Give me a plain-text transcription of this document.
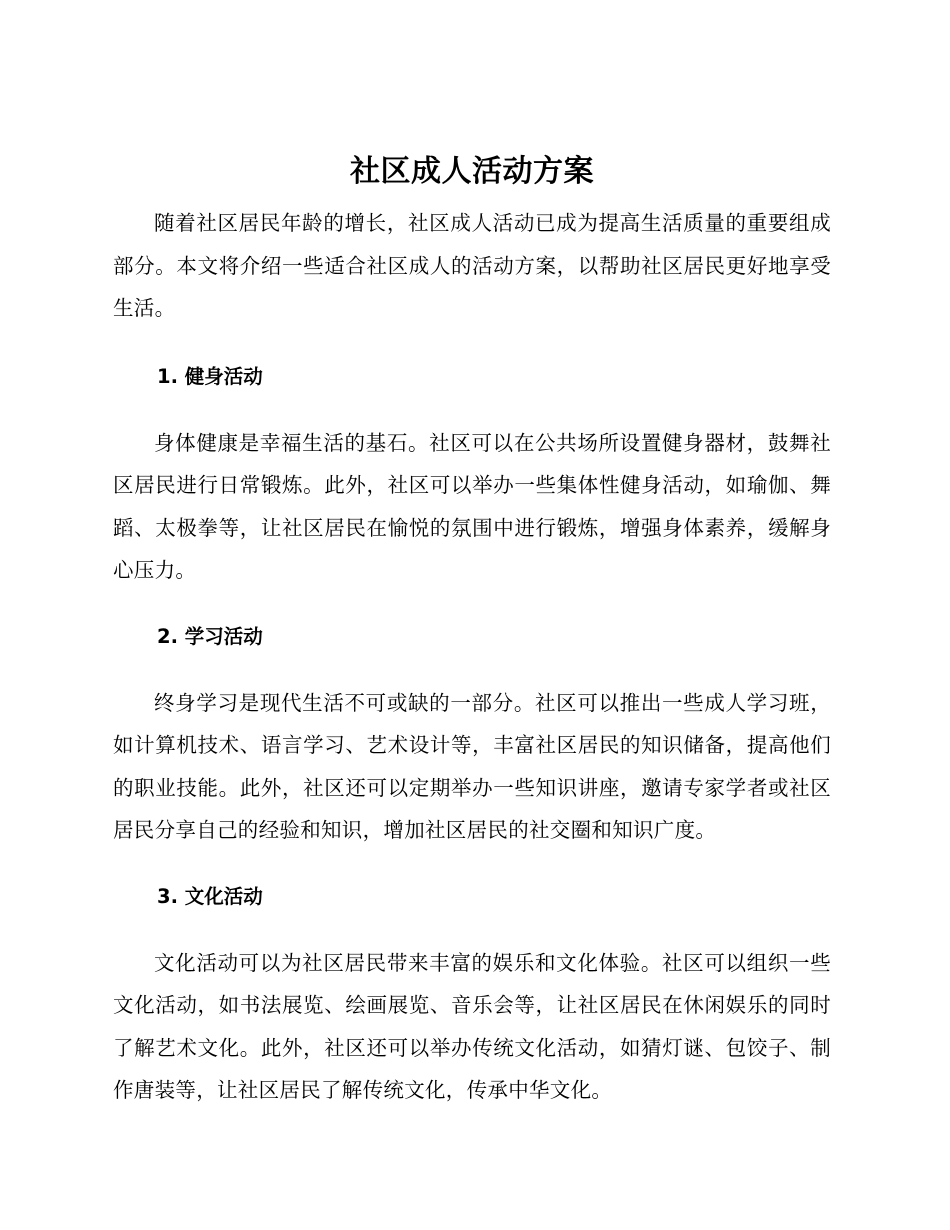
社区成人活动方案

随着社区居民年龄的增长，社区成人活动已成为提高生活质量的重要组成部分。本文将介绍一些适合社区成人的活动方案，以帮助社区居民更好地享受生活。

1. 健身活动

身体健康是幸福生活的基石。社区可以在公共场所设置健身器材，鼓舞社区居民进行日常锻炼。此外，社区可以举办一些集体性健身活动，如瑜伽、舞蹈、太极拳等，让社区居民在愉悦的氛围中进行锻炼，增强身体素养，缓解身心压力。

2. 学习活动

终身学习是现代生活不可或缺的一部分。社区可以推出一些成人学习班，如计算机技术、语言学习、艺术设计等，丰富社区居民的知识储备，提高他们的职业技能。此外，社区还可以定期举办一些知识讲座，邀请专家学者或社区居民分享自己的经验和知识，增加社区居民的社交圈和知识广度。

3. 文化活动

文化活动可以为社区居民带来丰富的娱乐和文化体验。社区可以组织一些文化活动，如书法展览、绘画展览、音乐会等，让社区居民在休闲娱乐的同时了解艺术文化。此外，社区还可以举办传统文化活动，如猜灯谜、包饺子、制作唐装等，让社区居民了解传统文化，传承中华文化。
